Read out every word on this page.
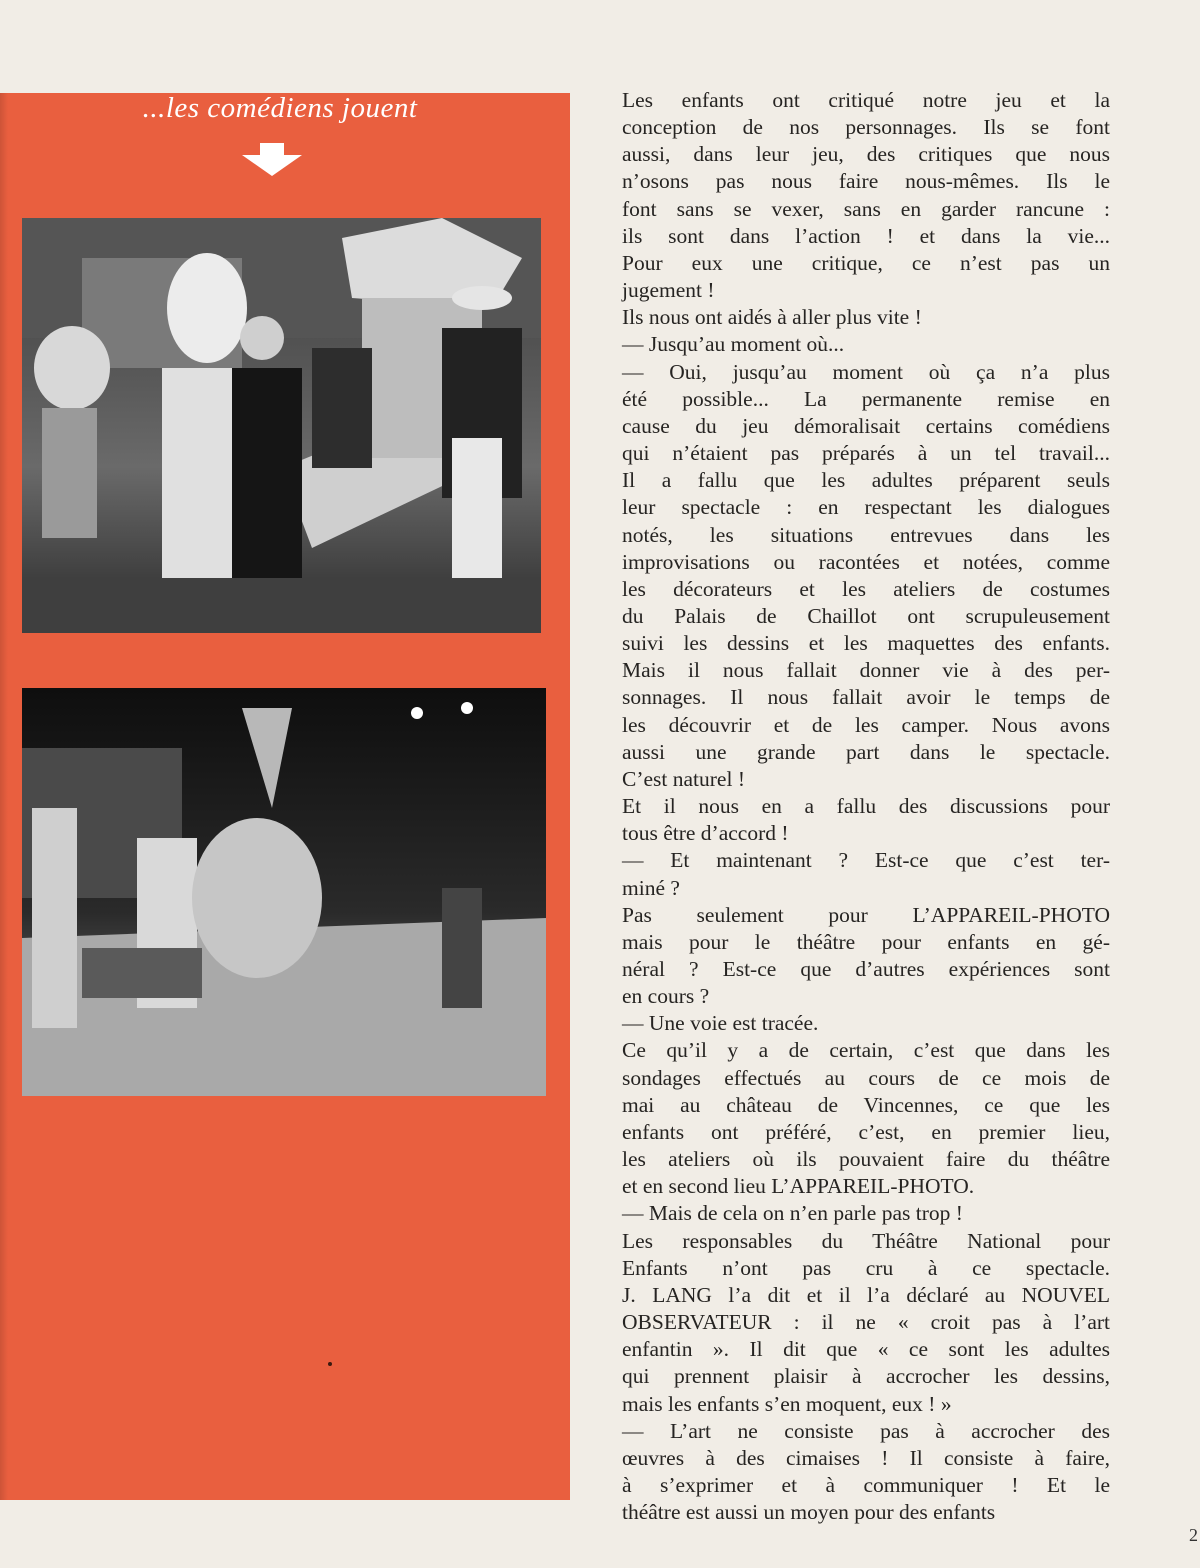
...les comédiens jouent	Les enfants ont critiqué notre jeu et la
conception de nos personnages. Ils se font
aussi, dans leur jeu, des critiques que nous
n’osons pas nous faire nous-mêmes. Ils le
font sans se vexer, sans en garder rancune :
ils sont dans l’action ! et dans la vie...
Pour eux une critique, ce n’est pas un
jugement !
Ils nous ont aidés à aller plus vite !
— Jusqu’au moment où...
— Oui, jusqu’au moment où ça n’a plus
été possible... La permanente remise en
cause du jeu démoralisait certains comédiens
qui n’étaient pas préparés à un tel travail...
Il a fallu que les adultes préparent seuls
leur spectacle : en respectant les dialogues
notés, les situations entrevues dans les
improvisations ou racontées et notées, comme
les décorateurs et les ateliers de costumes
du Palais de Chaillot ont scrupuleusement
suivi les dessins et les maquettes des enfants.
Mais il nous fallait donner vie à des per-
sonnages. Il nous fallait avoir le temps de
les découvrir et de les camper. Nous avons
aussi une grande part dans le spectacle.
C’est naturel !
Et il nous en a fallu des discussions pour
tous être d’accord !
— Et maintenant ? Est-ce que c’est ter-
miné ?
Pas seulement pour L’APPAREIL-PHOTO
mais pour le théâtre pour enfants en gé-
néral ? Est-ce que d’autres expériences sont
en cours ?
— Une voie est tracée.
Ce qu’il y a de certain, c’est que dans les
sondages effectués au cours de ce mois de
mai au château de Vincennes, ce que les
enfants ont préféré, c’est, en premier lieu,
les ateliers où ils pouvaient faire du théâtre
et en second lieu L’APPAREIL-PHOTO.
— Mais de cela on n’en parle pas trop !
Les responsables du Théâtre National pour
Enfants n’ont pas cru à ce spectacle.
J. LANG l’a dit et il l’a déclaré au NOUVEL
OBSERVATEUR : il ne « croit pas à l’art
enfantin ». Il dit que « ce sont les adultes
qui prennent plaisir à accrocher les dessins,
mais les enfants s’en moquent, eux ! »
— L’art ne consiste pas à accrocher des
œuvres à des cimaises ! Il consiste à faire,
à s’exprimer et à communiquer ! Et le
théâtre est aussi un moyen pour des enfants
2
